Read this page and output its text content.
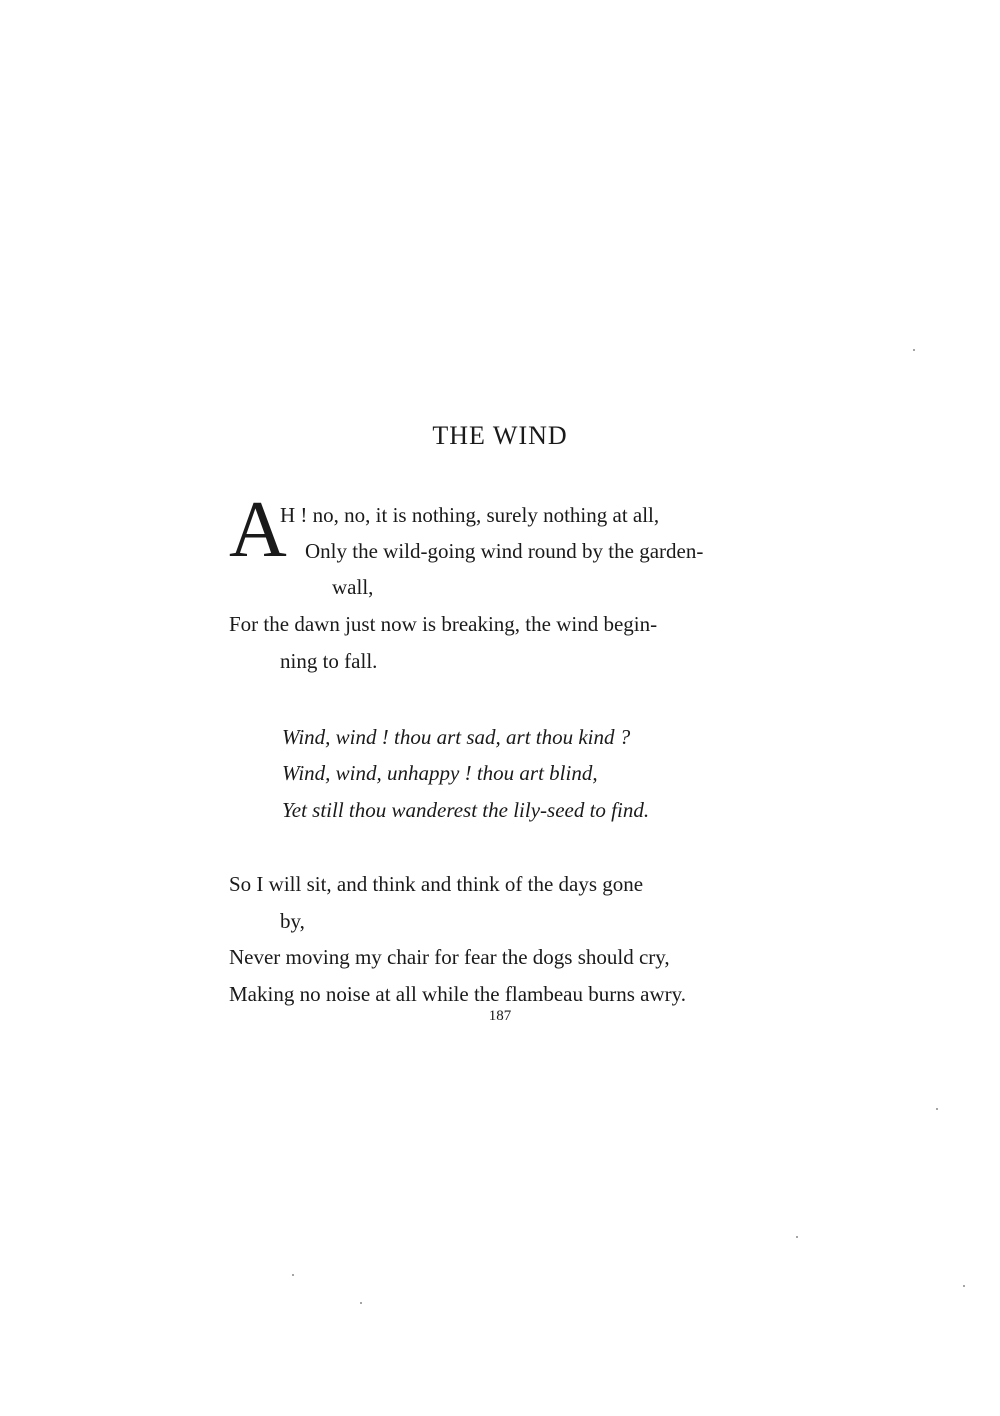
THE WIND
A
H ! no, no, it is nothing, surely nothing at all,
Only the wild-going wind round by the garden-
wall,
For the dawn just now is breaking, the wind begin-
ning to fall.
Wind, wind ! thou art sad, art thou kind ?
Wind, wind, unhappy ! thou art blind,
Yet still thou wanderest the lily-seed to find.
So I will sit, and think and think of the days gone
by,
Never moving my chair for fear the dogs should cry,
Making no noise at all while the flambeau burns awry.
187
